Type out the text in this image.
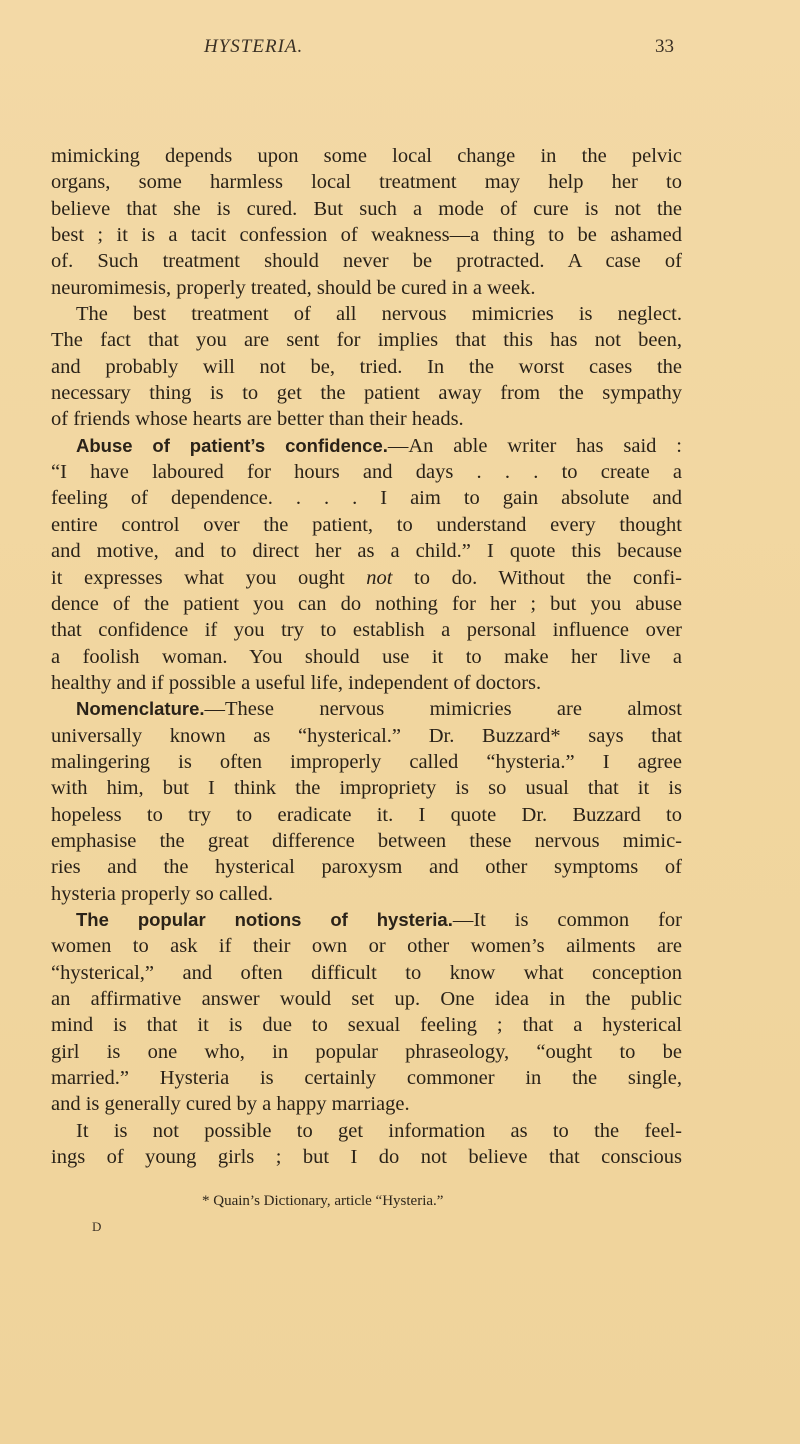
HYSTERIA.	33
mimicking depends upon some local change in the pelvic
organs, some harmless local treatment may help her to
believe that she is cured. But such a mode of cure is not the
best ; it is a tacit confession of weakness—a thing to be ashamed
of. Such treatment should never be protracted. A case of
neuromimesis, properly treated, should be cured in a week.
The best treatment of all nervous mimicries is neglect.
The fact that you are sent for implies that this has not been,
and probably will not be, tried. In the worst cases the
necessary thing is to get the patient away from the sympathy
of friends whose hearts are better than their heads.
Abuse of patient’s confidence.—An able writer has said :
“I have laboured for hours and days . . . to create a
feeling of dependence. . . . I aim to gain absolute and
entire control over the patient, to understand every thought
and motive, and to direct her as a child.” I quote this because
it expresses what you ought not to do. Without the confi-
dence of the patient you can do nothing for her ; but you abuse
that confidence if you try to establish a personal influence over
a foolish woman. You should use it to make her live a
healthy and if possible a useful life, independent of doctors.
Nomenclature.—These nervous mimicries are almost
universally known as “hysterical.” Dr. Buzzard* says that
malingering is often improperly called “hysteria.” I agree
with him, but I think the impropriety is so usual that it is
hopeless to try to eradicate it. I quote Dr. Buzzard to
emphasise the great difference between these nervous mimic-
ries and the hysterical paroxysm and other symptoms of
hysteria properly so called.
The popular notions of hysteria.—It is common for
women to ask if their own or other women’s ailments are
“hysterical,” and often difficult to know what conception
an affirmative answer would set up. One idea in the public
mind is that it is due to sexual feeling ; that a hysterical
girl is one who, in popular phraseology, “ought to be
married.” Hysteria is certainly commoner in the single,
and is generally cured by a happy marriage.
It is not possible to get information as to the feel-
ings of young girls ; but I do not believe that conscious
* Quain’s Dictionary, article “Hysteria.”
D
